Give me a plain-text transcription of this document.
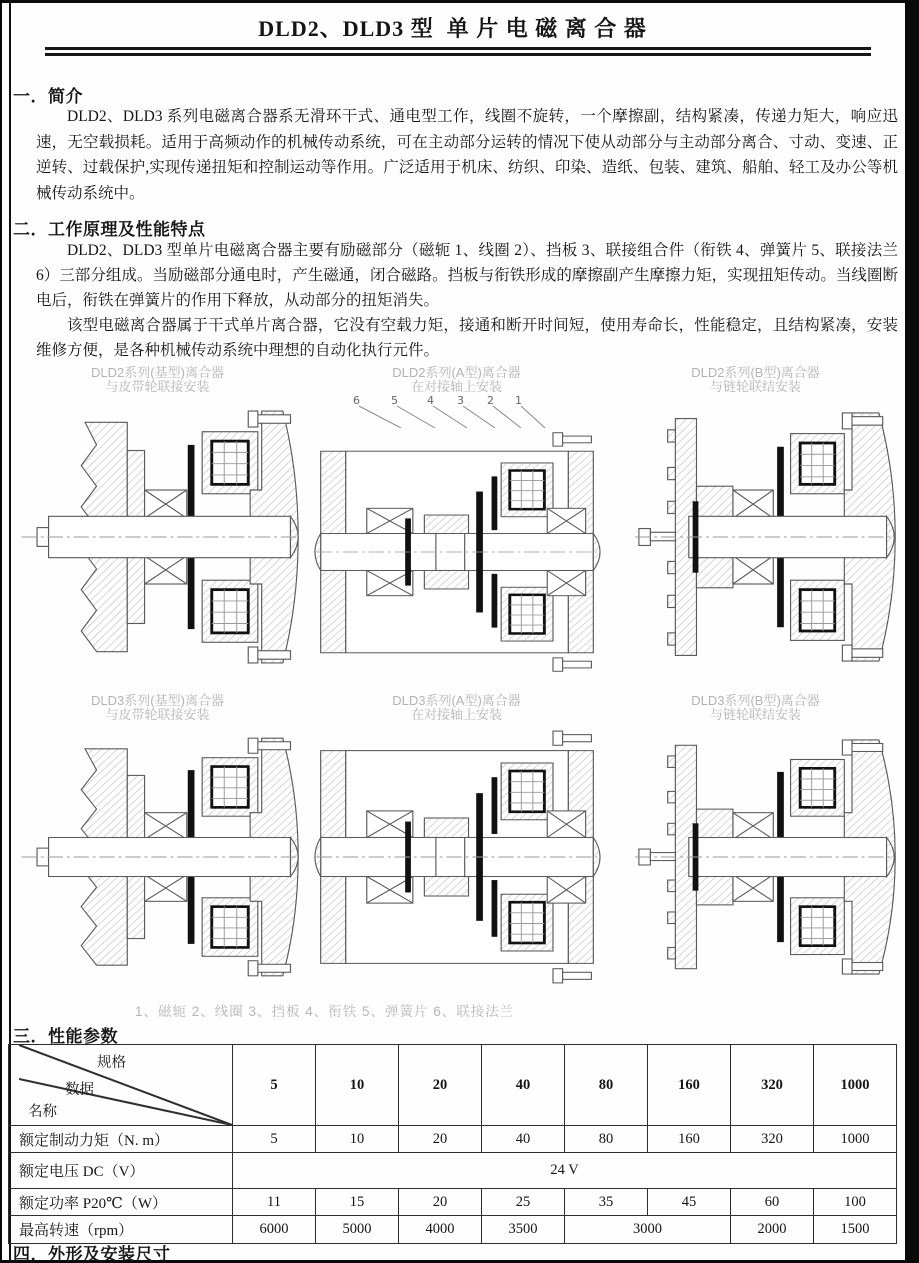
DLD2、DLD3 型  单 片 电 磁 离 合 器
一．简介
DLD2、DLD3 系列电磁离合器系无滑环干式、通电型工作，线圈不旋转，一个摩擦副，结构紧凑，传递力矩大，响应迅速，无空载损耗。适用于高频动作的机械传动系统，可在主动部分运转的情况下使从动部分与主动部分离合、寸动、变速、正逆转、过载保护,实现传递扭矩和控制运动等作用。广泛适用于机床、纺织、印染、造纸、包装、建筑、船舶、轻工及办公等机械传动系统中。
二．工作原理及性能特点

DLD2、DLD3 型单片电磁离合器主要有励磁部分（磁轭 1、线圈 2）、挡板 3、联接组合件（衔铁 4、弹簧片 5、联接法兰 6）三部分组成。当励磁部分通电时，产生磁通，闭合磁路。挡板与衔铁形成的摩擦副产生摩擦力矩，实现扭矩传动。当线圈断电后，衔铁在弹簧片的作用下释放，从动部分的扭矩消失。

该型电磁离合器属于干式单片离合器，它没有空载力矩，接通和断开时间短，使用寿命长，性能稳定，且结构紧凑，安装维修方便，是各种机械传动系统中理想的自动化执行元件。

DLD2系列(基型)离合器
与皮带轮联接安装
DLD2系列(A型)离合器
在对接轴上安装
6	5	4 3 2 1
DLD2系列(B型)离合器
与链轮联结安装
DLD3系列(基型)离合器
与皮带轮联接安装
DLD3系列(A型)离合器
在对接轴上安装
DLD3系列(B型)离合器
与链轮联结安装
1、磁轭 2、线圈 3、挡板 4、衔铁 5、弹簧片 6、联接法兰
三．性能参数
规格
数据
名称	5	10	20	40	80	160	320	1000
额定制动力矩（N. m）	5	10	20	40	80	160	320	1000
额定电压 DC（V）	24 V							
额定功率 P20℃（W）	11	15	20	25	35	45	60	100
最高转速（rpm）	6000	5000	4000	3500	3000		2000	1500
四．外形及安装尺寸
